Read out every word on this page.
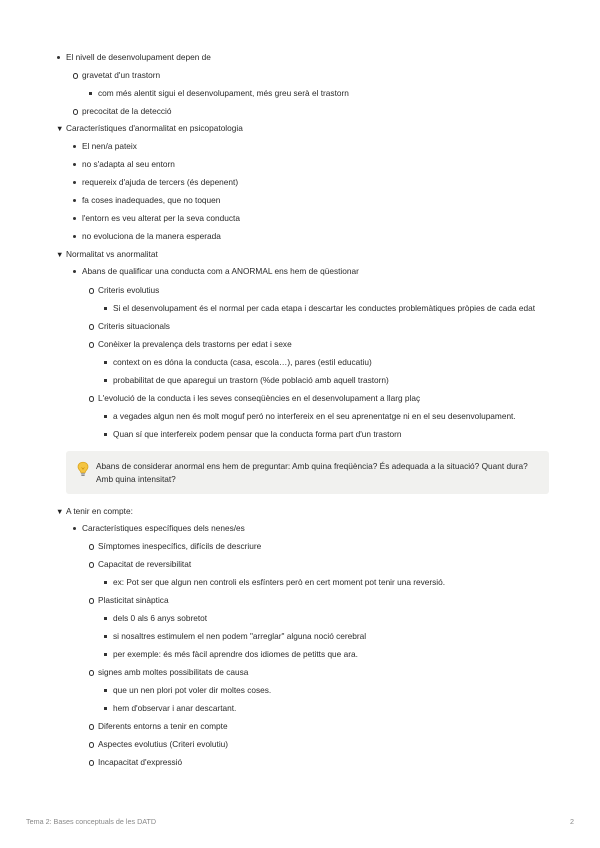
El nivell de desenvolupament depen de
gravetat d'un trastorn
com més alentit sigui el desenvolupament, més greu serà el trastorn
precocitat de la detecció
▼ Característiques d'anormalitat en psicopatologia
El nen/a pateix
no s'adapta al seu entorn
requereix d'ajuda de tercers (és depenent)
fa coses inadequades, que no toquen
l'entorn es veu alterat per la seva conducta
no evoluciona de la manera esperada
▼ Normalitat vs anormalitat
Abans de qualificar una conducta com a ANORMAL ens hem de qüestionar
Criteris evolutius
Si el desenvolupament és el normal per cada etapa i descartar les conductes problemàtiques pròpies de cada edat
Criteris situacionals
Conèixer la prevalença dels trastorns per edat i sexe
context on es dóna la conducta (casa, escola…), pares (estil educatiu)
probabilitat de que aparegui un trastorn (%de població amb aquell trastorn)
L'evolució de la conducta i les seves conseqüències en el desenvolupament a llarg plaç
a vegades algun nen és molt moguf peró no interfereix en el seu aprenentatge ni en el seu desenvolupament.
Quan sí que interfereix podem pensar que la conducta forma part d'un trastorn
Abans de considerar anormal ens hem de preguntar: Amb quina freqüència? És adequada a la situació? Quant dura? Amb quina intensitat?
▼ A tenir en compte:
Característiques específiques dels nenes/es
Símptomes inespecífics, difícils de descriure
Capacitat de reversibilitat
ex: Pot ser que algun nen controli els esfínters però en cert moment pot tenir una reversió.
Plasticitat sinàptica
dels 0 als 6 anys sobretot
si nosaltres estimulem el nen podem "arreglar" alguna noció cerebral
per exemple: és més fàcil aprendre dos idiomes de petitts que ara.
signes amb moltes possibilitats de causa
que un nen plori pot voler dir moltes coses.
hem d'observar i anar descartant.
Diferents entorns a tenir en compte
Aspectes evolutius (Criteri evolutiu)
Incapacitat d'expressió
Tema 2: Bases conceptuals de les DATD	2
